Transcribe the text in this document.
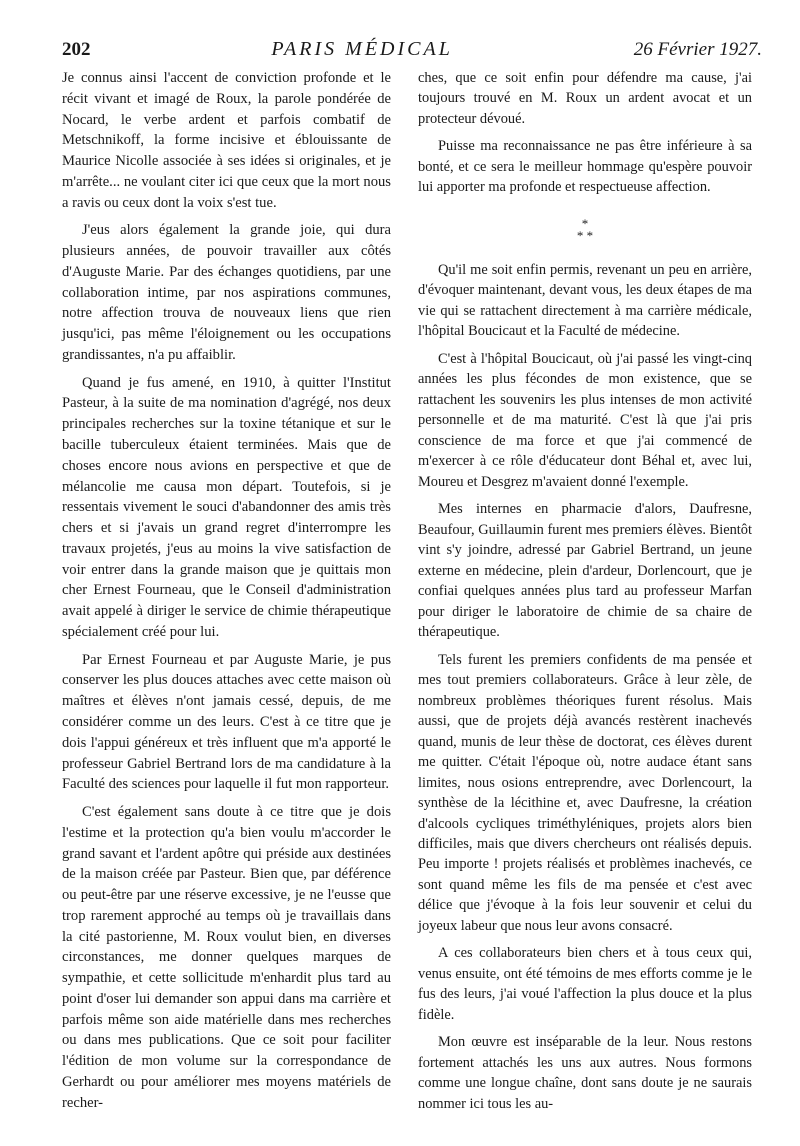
202	PARIS MÉDICAL	26 Février 1927.

Je connus ainsi l'accent de conviction profonde et le récit vivant et imagé de Roux, la parole pondérée de Nocard, le verbe ardent et parfois combatif de Metschnikoff, la forme incisive et éblouissante de Maurice Nicolle associée à ses idées si originales, et je m'arrête... ne voulant citer ici que ceux que la mort nous a ravis ou ceux dont la voix s'est tue.

J'eus alors également la grande joie, qui dura plusieurs années, de pouvoir travailler aux côtés d'Auguste Marie. Par des échanges quotidiens, par une collaboration intime, par nos aspirations communes, notre affection trouva de nouveaux liens que rien jusqu'ici, pas même l'éloignement ou les occupations grandissantes, n'a pu affaiblir.

Quand je fus amené, en 1910, à quitter l'Institut Pasteur, à la suite de ma nomination d'agrégé, nos deux principales recherches sur la toxine tétanique et sur le bacille tuberculeux étaient terminées. Mais que de choses encore nous avions en perspective et que de mélancolie me causa mon départ. Toutefois, si je ressentais vivement le souci d'abandonner des amis très chers et si j'avais un grand regret d'interrompre les travaux projetés, j'eus au moins la vive satisfaction de voir entrer dans la grande maison que je quittais mon cher Ernest Fourneau, que le Conseil d'administration avait appelé à diriger le service de chimie thérapeutique spécialement créé pour lui.

Par Ernest Fourneau et par Auguste Marie, je pus conserver les plus douces attaches avec cette maison où maîtres et élèves n'ont jamais cessé, depuis, de me considérer comme un des leurs. C'est à ce titre que je dois l'appui généreux et très influent que m'a apporté le professeur Gabriel Bertrand lors de ma candidature à la Faculté des sciences pour laquelle il fut mon rapporteur.

C'est également sans doute à ce titre que je dois l'estime et la protection qu'a bien voulu m'accorder le grand savant et l'ardent apôtre qui préside aux destinées de la maison créée par Pasteur. Bien que, par déférence ou peut-être par une réserve excessive, je ne l'eusse que trop rarement approché au temps où je travaillais dans la cité pastorienne, M. Roux voulut bien, en diverses circonstances, me donner quelques marques de sympathie, et cette sollicitude m'enhardit plus tard au point d'oser lui demander son appui dans ma carrière et parfois même son aide matérielle dans mes recherches ou dans mes publications. Que ce soit pour faciliter l'édition de mon volume sur la correspondance de Gerhardt ou pour améliorer mes moyens matériels de recher-

ches, que ce soit enfin pour défendre ma cause, j'ai toujours trouvé en M. Roux un ardent avocat et un protecteur dévoué.

Puisse ma reconnaissance ne pas être inférieure à sa bonté, et ce sera le meilleur hommage qu'espère pouvoir lui apporter ma profonde et respectueuse affection.

*
* *

Qu'il me soit enfin permis, revenant un peu en arrière, d'évoquer maintenant, devant vous, les deux étapes de ma vie qui se rattachent directement à ma carrière médicale, l'hôpital Boucicaut et la Faculté de médecine.

C'est à l'hôpital Boucicaut, où j'ai passé les vingt-cinq années les plus fécondes de mon existence, que se rattachent les souvenirs les plus intenses de mon activité personnelle et de ma maturité. C'est là que j'ai pris conscience de ma force et que j'ai commencé de m'exercer à ce rôle d'éducateur dont Béhal et, avec lui, Moureu et Desgrez m'avaient donné l'exemple.

Mes internes en pharmacie d'alors, Daufresne, Beaufour, Guillaumin furent mes premiers élèves. Bientôt vint s'y joindre, adressé par Gabriel Bertrand, un jeune externe en médecine, plein d'ardeur, Dorlencourt, que je confiai quelques années plus tard au professeur Marfan pour diriger le laboratoire de chimie de sa chaire de thérapeutique.

Tels furent les premiers confidents de ma pensée et mes tout premiers collaborateurs. Grâce à leur zèle, de nombreux problèmes théoriques furent résolus. Mais aussi, que de projets déjà avancés restèrent inachevés quand, munis de leur thèse de doctorat, ces élèves durent me quitter. C'était l'époque où, notre audace étant sans limites, nous osions entreprendre, avec Dorlencourt, la synthèse de la lécithine et, avec Daufresne, la création d'alcools cycliques triméthyléniques, projets alors bien difficiles, mais que divers chercheurs ont réalisés depuis. Peu importe ! projets réalisés et problèmes inachevés, ce sont quand même les fils de ma pensée et c'est avec délice que j'évoque à la fois leur souvenir et celui du joyeux labeur que nous leur avons consacré.

A ces collaborateurs bien chers et à tous ceux qui, venus ensuite, ont été témoins de mes efforts comme je le fus des leurs, j'ai voué l'affection la plus douce et la plus fidèle.

Mon œuvre est inséparable de la leur. Nous restons fortement attachés les uns aux autres. Nous formons comme une longue chaîne, dont sans doute je ne saurais nommer ici tous les au-
